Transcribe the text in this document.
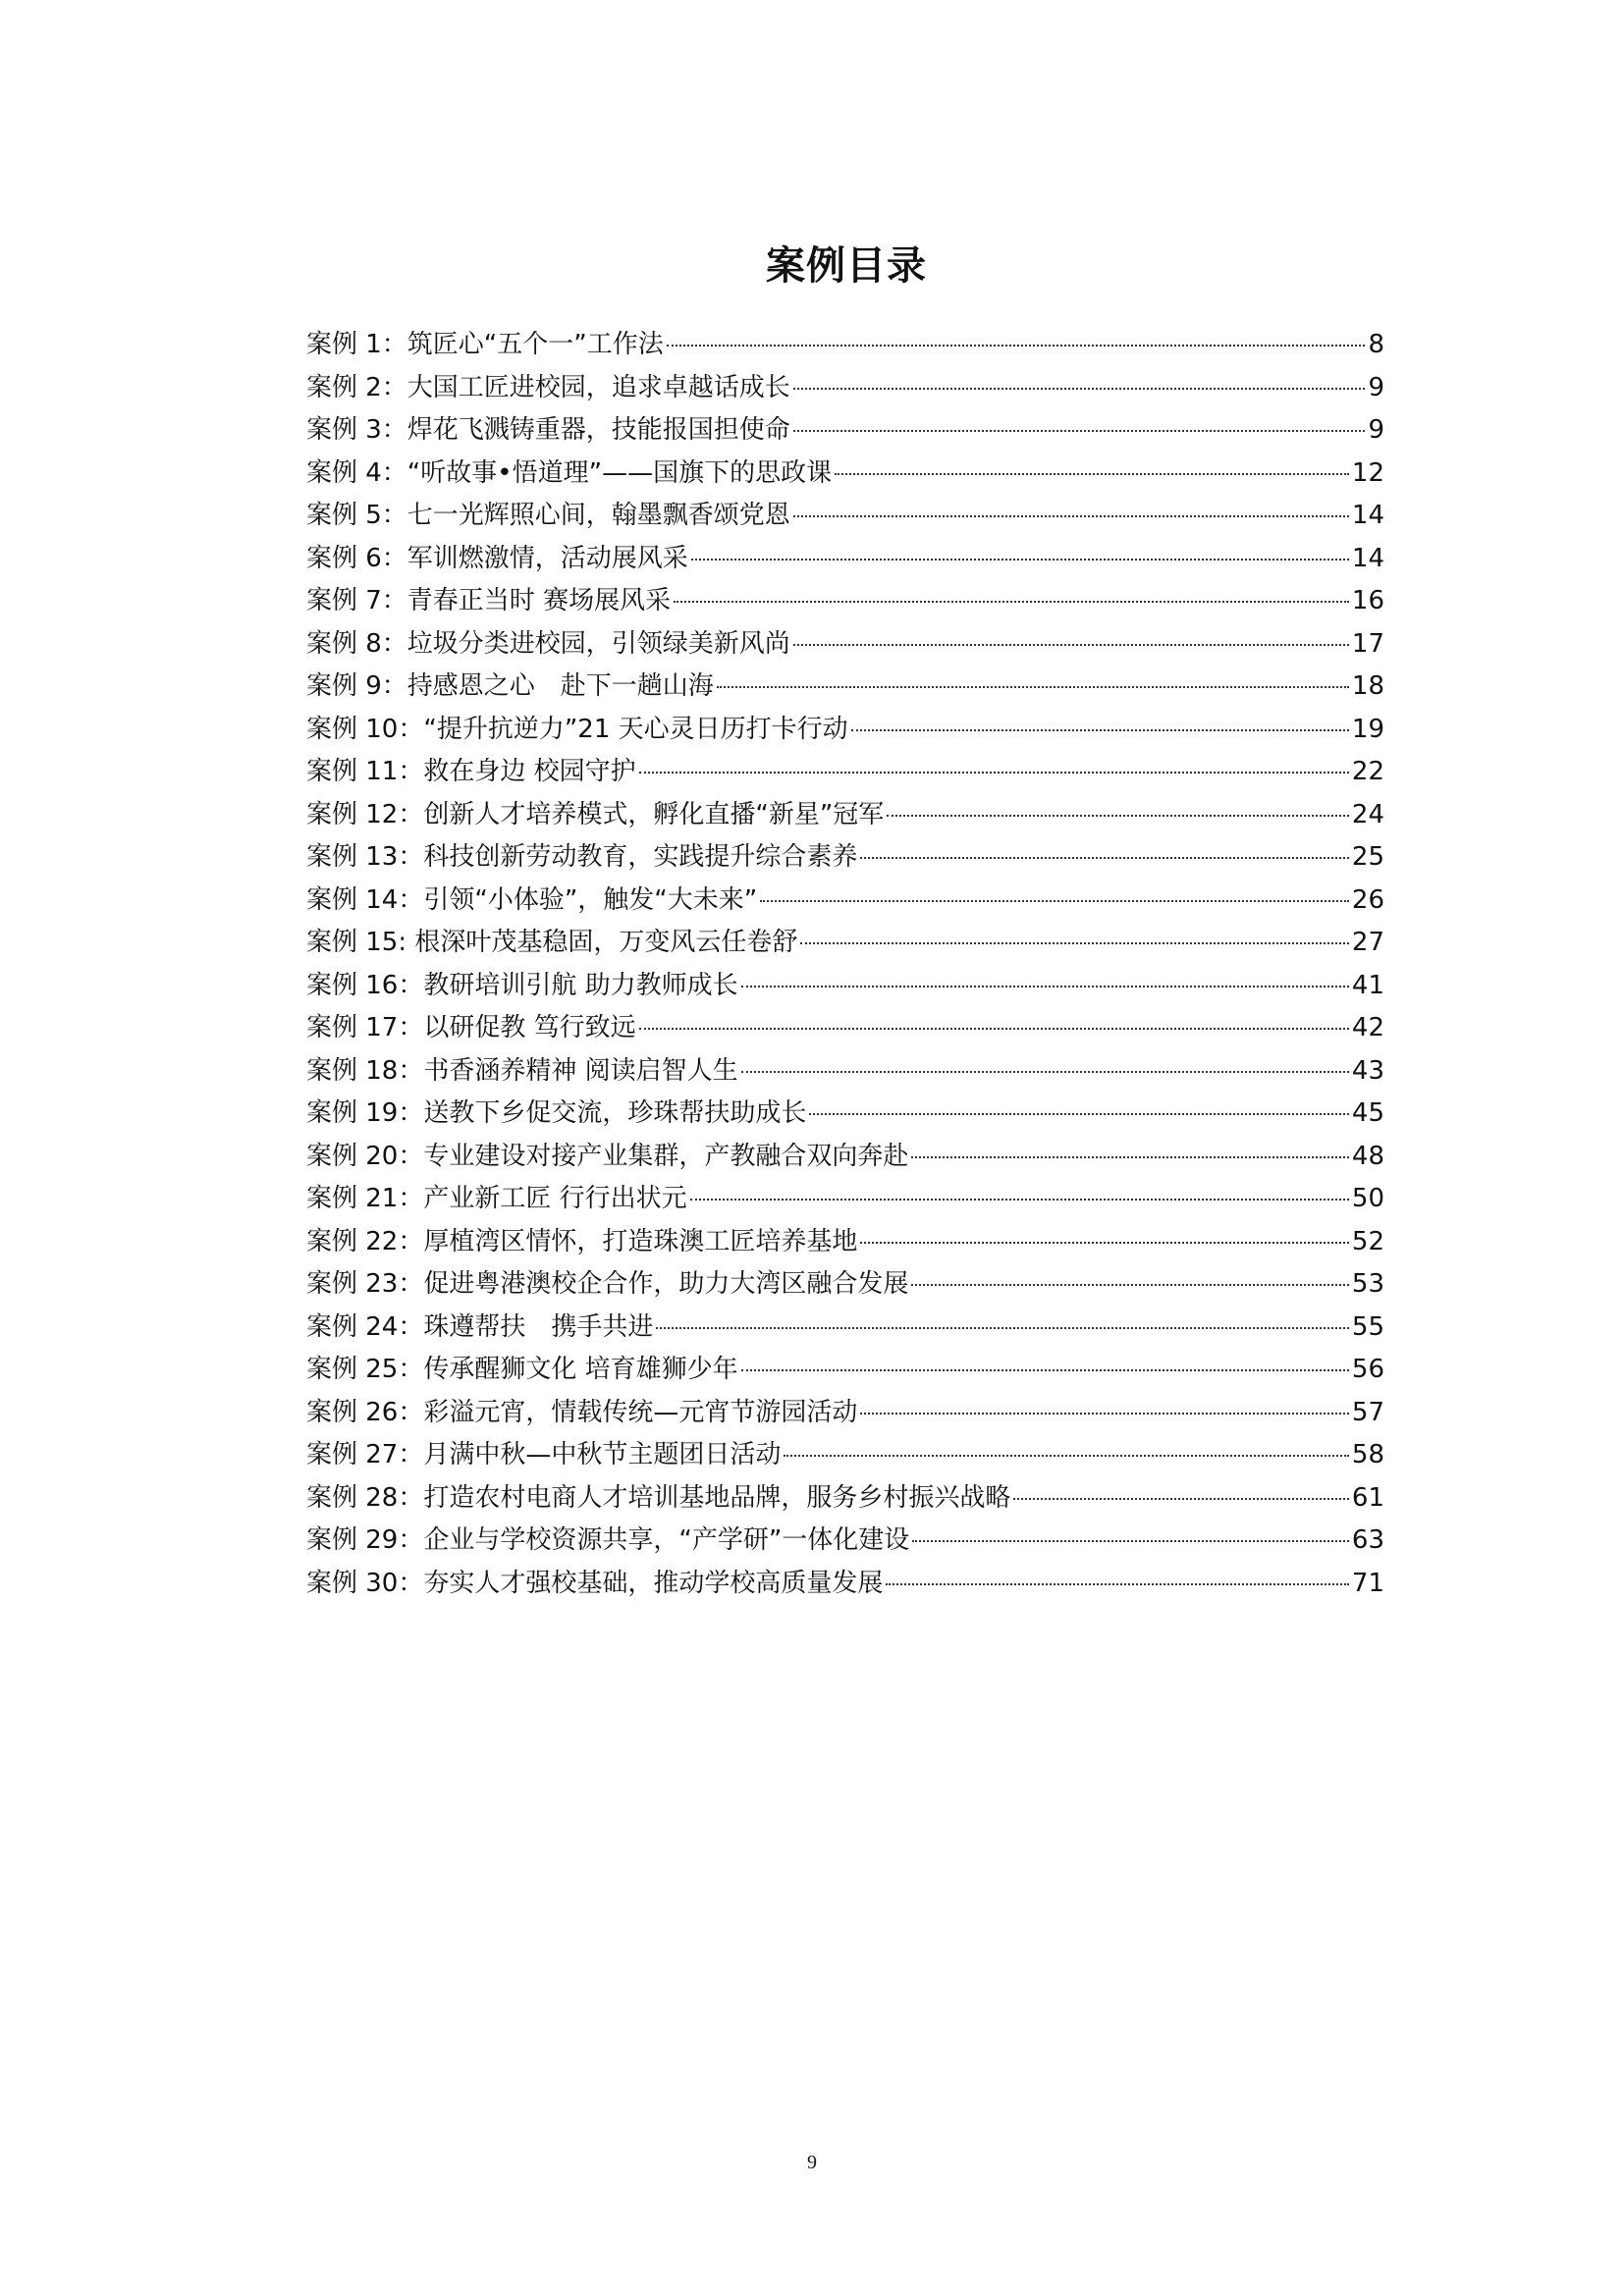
案例目录
案例 1：筑匠心“五个一”工作法	8
案例 2：大国工匠进校园，追求卓越话成长	9
案例 3：焊花飞溅铸重器，技能报国担使命	9
案例 4：“听故事•悟道理”——国旗下的思政课	12
案例 5：七一光辉照心间，翰墨飘香颂党恩	14
案例 6：军训燃激情，活动展风采	14
案例 7：青春正当时 赛场展风采	16
案例 8：垃圾分类进校园，引领绿美新风尚	17
案例 9：持感恩之心　赴下一趟山海	18
案例 10：“提升抗逆力”21 天心灵日历打卡行动	19
案例 11：救在身边 校园守护	22
案例 12：创新人才培养模式，孵化直播“新星”冠军	24
案例 13：科技创新劳动教育，实践提升综合素养	25
案例 14：引领“小体验”，触发“大未来”	26
案例 15: 根深叶茂基稳固，万变风云任卷舒	27
案例 16：教研培训引航 助力教师成长	41
案例 17：以研促教 笃行致远	42
案例 18：书香涵养精神 阅读启智人生	43
案例 19：送教下乡促交流，珍珠帮扶助成长	45
案例 20：专业建设对接产业集群，产教融合双向奔赴	48
案例 21：产业新工匠 行行出状元	50
案例 22：厚植湾区情怀，打造珠澳工匠培养基地	52
案例 23：促进粤港澳校企合作，助力大湾区融合发展	53
案例 24：珠遵帮扶　携手共进	55
案例 25：传承醒狮文化 培育雄狮少年	56
案例 26：彩溢元宵，情载传统—元宵节游园活动	57
案例 27：月满中秋—中秋节主题团日活动	58
案例 28：打造农村电商人才培训基地品牌，服务乡村振兴战略	61
案例 29：企业与学校资源共享，“产学研”一体化建设	63
案例 30：夯实人才强校基础，推动学校高质量发展	71
9
